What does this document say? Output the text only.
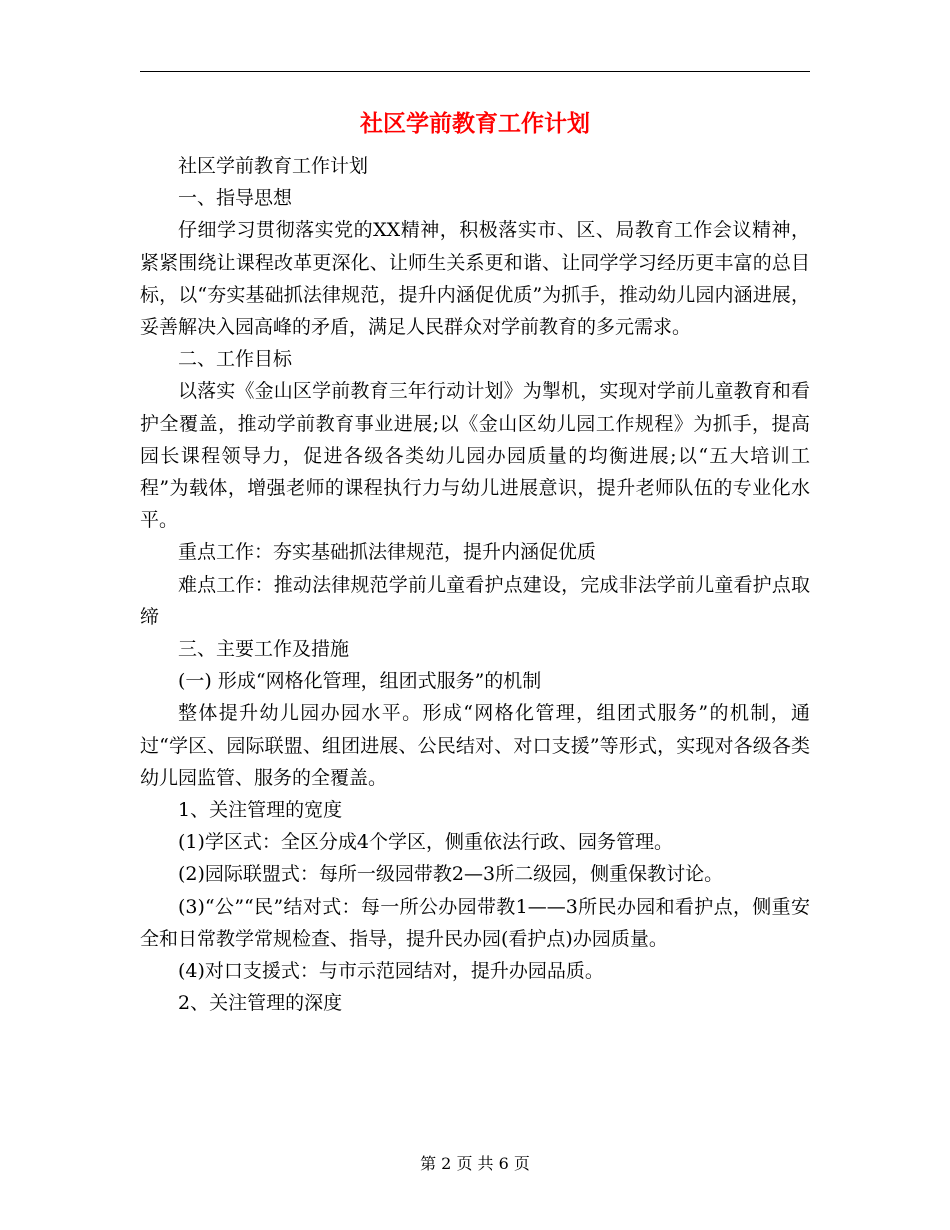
社区学前教育工作计划

社区学前教育工作计划

一、指导思想

仔细学习贯彻落实党的XX精神，积极落实市、区、局教育工作会议精神，紧紧围绕让课程改革更深化、让师生关系更和谐、让同学学习经历更丰富的总目标，以“夯实基础抓法律规范，提升内涵促优质”为抓手，推动幼儿园内涵进展，妥善解决入园高峰的矛盾，满足人民群众对学前教育的多元需求。

二、工作目标

以落实《金山区学前教育三年行动计划》为掣机，实现对学前儿童教育和看护全覆盖，推动学前教育事业进展;以《金山区幼儿园工作规程》为抓手，提高园长课程领导力，促进各级各类幼儿园办园质量的均衡进展;以“五大培训工程”为载体，增强老师的课程执行力与幼儿进展意识，提升老师队伍的专业化水平。

重点工作：夯实基础抓法律规范，提升内涵促优质

难点工作：推动法律规范学前儿童看护点建设，完成非法学前儿童看护点取缔

三、主要工作及措施

(一) 形成“网格化管理，组团式服务”的机制

整体提升幼儿园办园水平。形成“网格化管理，组团式服务”的机制，通过“学区、园际联盟、组团进展、公民结对、对口支援”等形式，实现对各级各类幼儿园监管、服务的全覆盖。

1、关注管理的宽度

(1)学区式：全区分成4个学区，侧重依法行政、园务管理。

(2)园际联盟式：每所一级园带教2—3所二级园，侧重保教讨论。

(3)“公”“民”结对式：每一所公办园带教1——3所民办园和看护点，侧重安全和日常教学常规检查、指导，提升民办园(看护点)办园质量。

(4)对口支援式：与市示范园结对，提升办园品质。

2、关注管理的深度

第 2 页 共 6 页
